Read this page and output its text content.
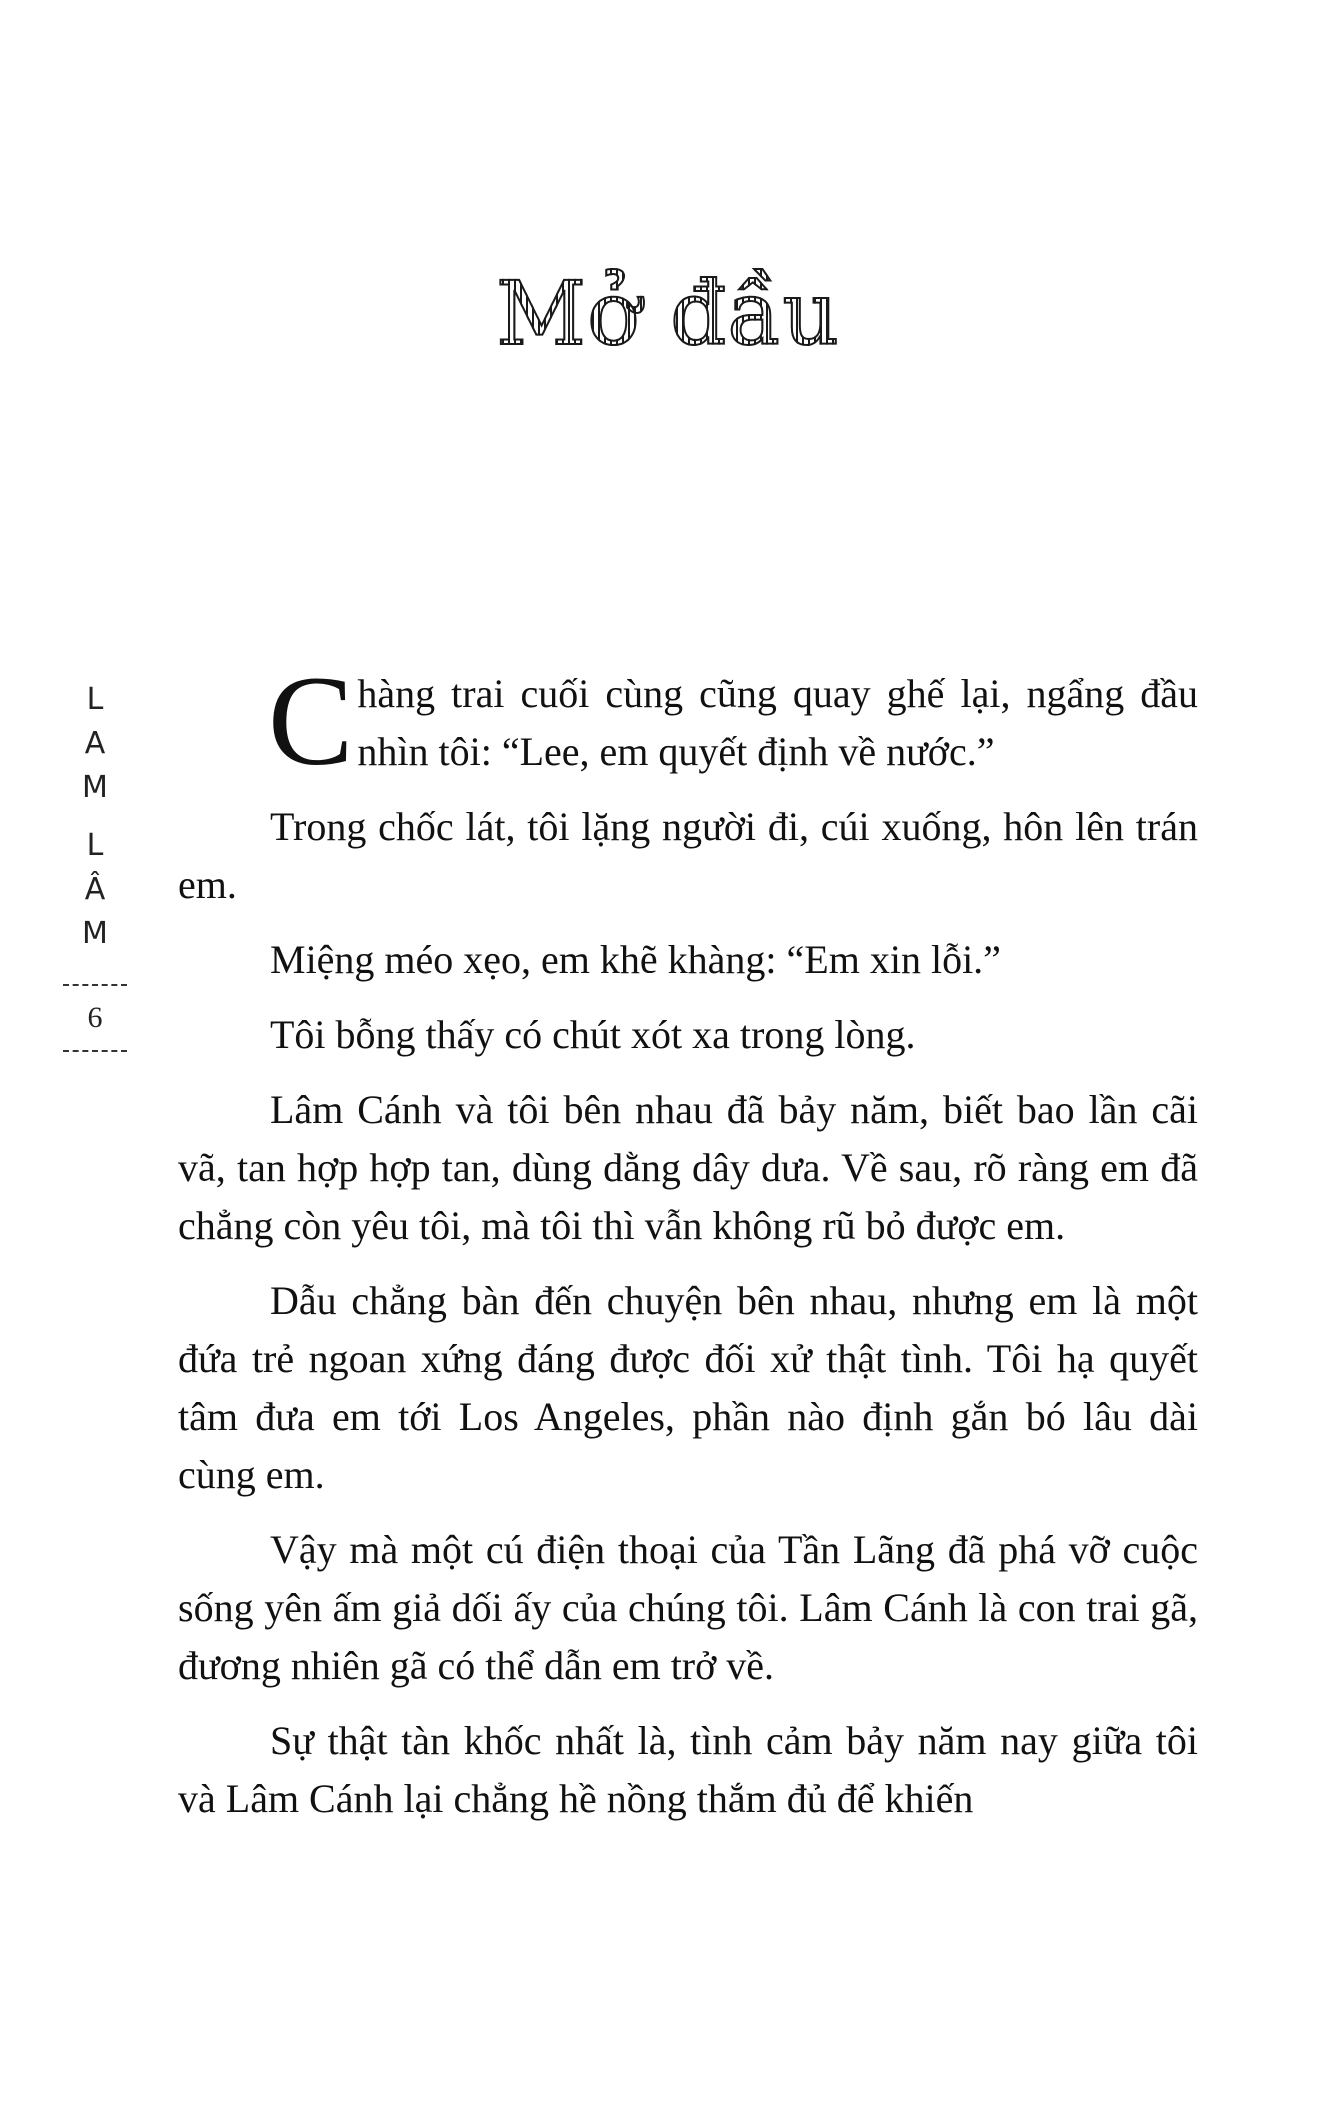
Mở đầu
L
A
M
L
Â
M
6

Chàng trai cuối cùng cũng quay ghế lại, ngẩng đầu nhìn tôi: “Lee, em quyết định về nước.”

Trong chốc lát, tôi lặng người đi, cúi xuống, hôn lên trán em.

Miệng méo xẹo, em khẽ khàng: “Em xin lỗi.”

Tôi bỗng thấy có chút xót xa trong lòng.

Lâm Cánh và tôi bên nhau đã bảy năm, biết bao lần cãi vã, tan hợp hợp tan, dùng dằng dây dưa. Về sau, rõ ràng em đã chẳng còn yêu tôi, mà tôi thì vẫn không rũ bỏ được em.

Dẫu chẳng bàn đến chuyện bên nhau, nhưng em là một đứa trẻ ngoan xứng đáng được đối xử thật tình. Tôi hạ quyết tâm đưa em tới Los Angeles, phần nào định gắn bó lâu dài cùng em.

Vậy mà một cú điện thoại của Tần Lãng đã phá vỡ cuộc sống yên ấm giả dối ấy của chúng tôi. Lâm Cánh là con trai gã, đương nhiên gã có thể dẫn em trở về.

Sự thật tàn khốc nhất là, tình cảm bảy năm nay giữa tôi và Lâm Cánh lại chẳng hề nồng thắm đủ để khiến
